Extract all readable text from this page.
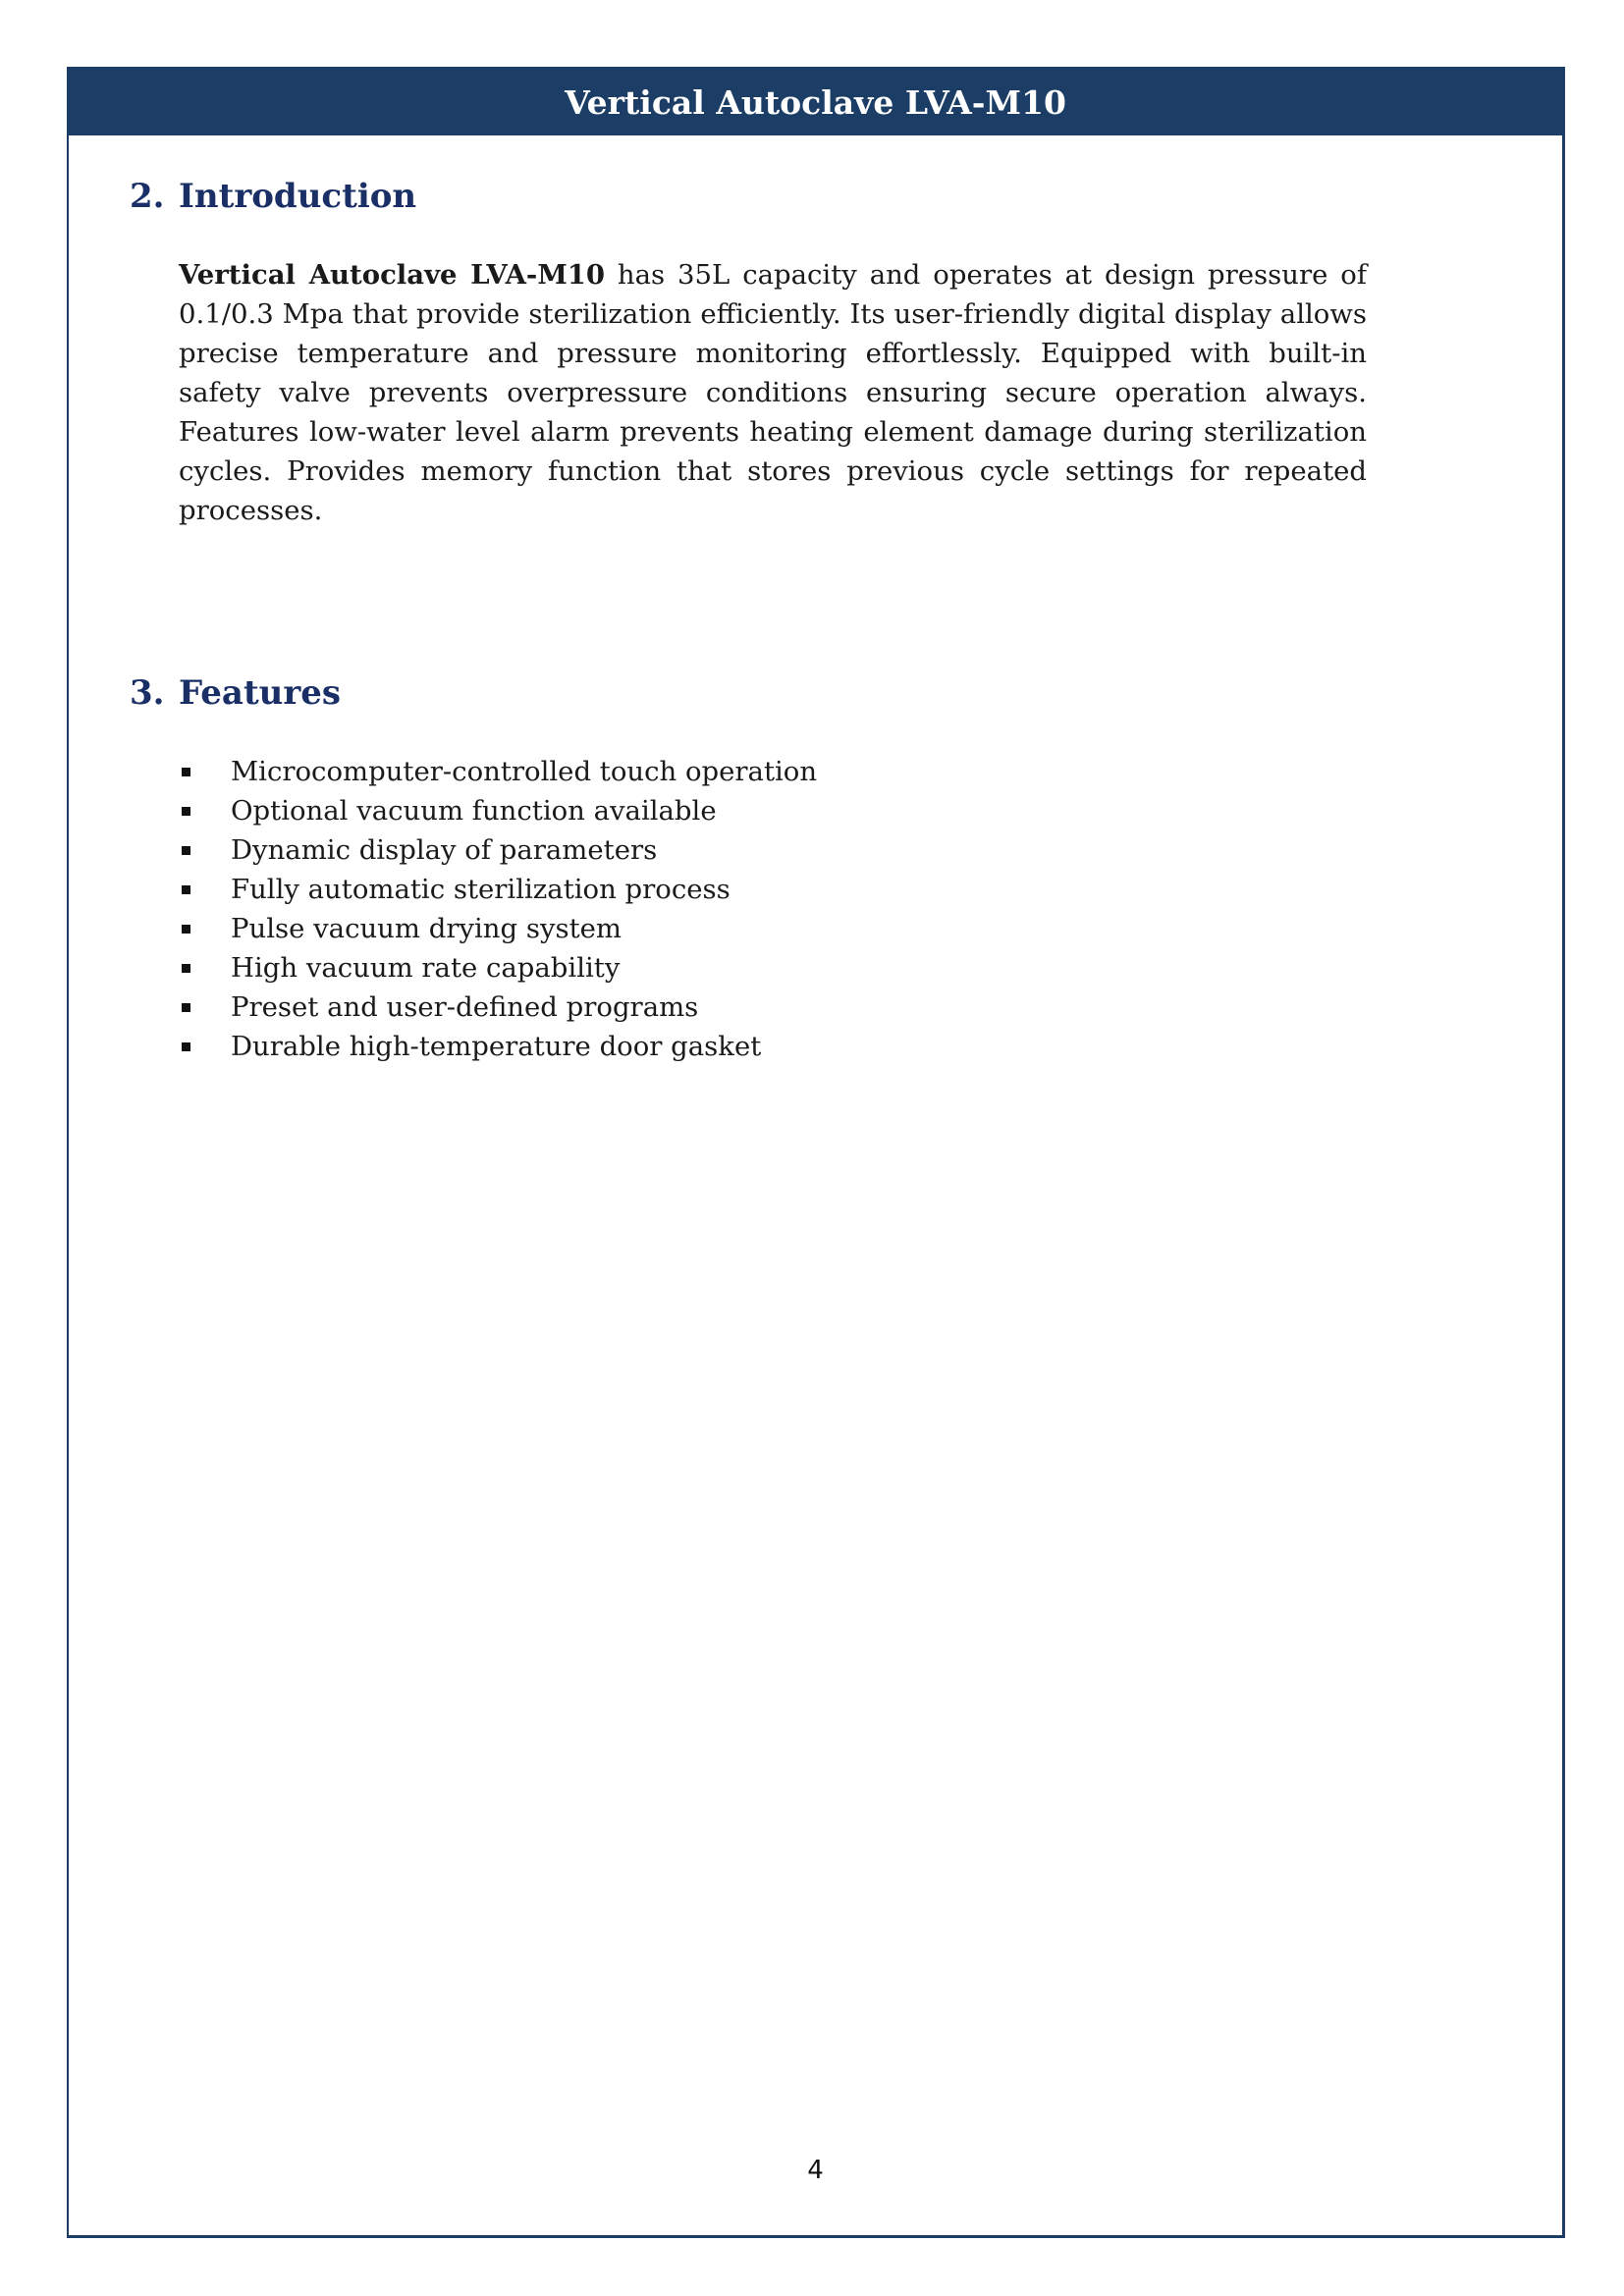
Vertical Autoclave LVA-M10
4
2. Introduction

Vertical Autoclave LVA-M10 has 35L capacity and operates at design pressure of 0.1/0.3 Mpa that provide sterilization efficiently. Its user-friendly digital display allows precise temperature and pressure monitoring effortlessly. Equipped with built-in safety valve prevents overpressure conditions ensuring secure operation always. Features low-water level alarm prevents heating element damage during sterilization cycles. Provides memory function that stores previous cycle settings for repeated processes.

3. Features
Microcomputer-controlled touch operation
Optional vacuum function available
Dynamic display of parameters
Fully automatic sterilization process
Pulse vacuum drying system
High vacuum rate capability
Preset and user-defined programs
Durable high-temperature door gasket
